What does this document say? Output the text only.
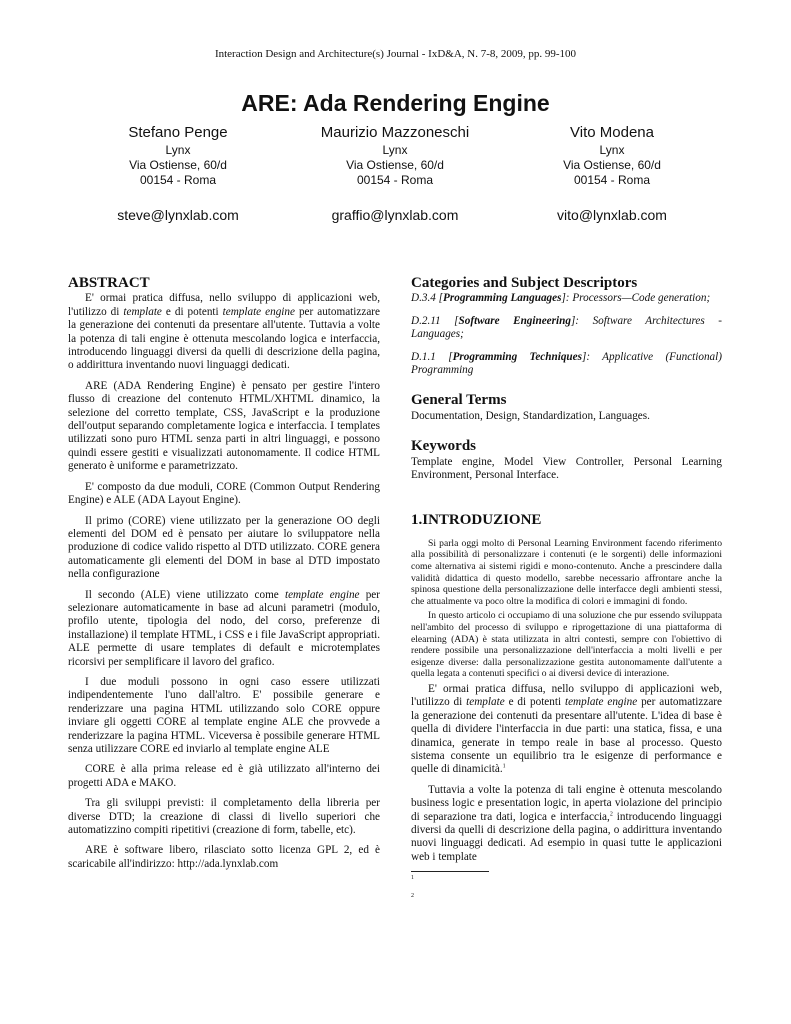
Interaction Design and Architecture(s) Journal - IxD&A, N. 7-8, 2009, pp. 99-100
ARE: Ada Rendering Engine
Stefano Penge
Lynx
Via Ostiense, 60/d
00154 - Roma
steve@lynxlab.com
Maurizio Mazzoneschi
Lynx
Via Ostiense, 60/d
00154 - Roma
graffio@lynxlab.com
Vito Modena
Lynx
Via Ostiense, 60/d
00154 - Roma
vito@lynxlab.com
ABSTRACT

E' ormai pratica diffusa, nello sviluppo di applicazioni web, l'utilizzo di template e di potenti template engine per automatizzare la generazione dei contenuti da presentare all'utente. Tuttavia a volte la potenza di tali engine è ottenuta mescolando logica e interfaccia, introducendo linguaggi diversi da quelli di descrizione della pagina, o addirittura inventando nuovi linguaggi dedicati.

ARE (ADA Rendering Engine) è pensato per gestire l'intero flusso di creazione del contenuto HTML/XHTML dinamico, la selezione del corretto template, CSS, JavaScript e la produzione dell'output separando completamente logica e interfaccia. I templates utilizzati sono puro HTML senza parti in altri linguaggi, e possono quindi essere gestiti e visualizzati autonomamente. Il codice HTML generato è uniforme e parametrizzato.

E' composto da due moduli, CORE (Common Output Rendering Engine) e ALE (ADA Layout Engine).

Il primo (CORE) viene utilizzato per la generazione OO degli elementi del DOM ed è pensato per aiutare lo sviluppatore nella produzione di codice valido rispetto al DTD utilizzato. CORE genera automaticamente gli elementi del DOM in base al DTD impostato nella configurazione

Il secondo (ALE) viene utilizzato come template engine per selezionare automaticamente in base ad alcuni parametri (modulo, profilo utente, tipologia del nodo, del corso, preferenze di installazione) il template HTML, i CSS e i file JavaScript appropriati. ALE permette di usare templates di default e microtemplates ricorsivi per semplificare il lavoro del grafico.

I due moduli possono in ogni caso essere utilizzati indipendentemente l'uno dall'altro. E' possibile generare e renderizzare una pagina HTML utilizzando solo CORE oppure inviare gli oggetti CORE al template engine ALE che provvede a renderizzare la pagina HTML. Viceversa è possibile generare HTML senza utilizzare CORE ed inviarlo al template engine ALE

CORE è alla prima release ed è già utilizzato all'interno dei progetti ADA e MAKO.

Tra gli sviluppi previsti: il completamento della libreria per diverse DTD; la creazione di classi di livello superiori che automatizzino compiti ripetitivi (creazione di form, tabelle, etc).

ARE è software libero, rilasciato sotto licenza GPL 2, ed è scaricabile all'indirizzo: http://ada.lynxlab.com

Categories and Subject Descriptors

D.3.4 [Programming Languages]: Processors—Code generation;

D.2.11 [Software Engineering]: Software Architectures - Languages;

D.1.1 [Programming Techniques]: Applicative (Functional) Programming

General Terms

Documentation, Design, Standardization, Languages.

Keywords

Template engine, Model View Controller, Personal Learning Environment, Personal Interface.

1.INTRODUZIONE

Si parla oggi molto di Personal Learning Environment facendo riferimento alla possibilità di personalizzare i contenuti (e le sorgenti) delle informazioni come alternativa ai sistemi rigidi e mono-contenuto. Anche a prescindere dalla validità didattica di questo modello, sarebbe necessario affrontare anche la spinosa questione della personalizzazione delle interfacce degli ambienti stessi, che attualmente va poco oltre la modifica di colori e immagini di fondo.

In questo articolo ci occupiamo di una soluzione che pur essendo sviluppata nell'ambito del processo di sviluppo e riprogettazione di una piattaforma di elearning (ADA) è stata utilizzata in altri contesti, sempre con l'obiettivo di rendere possibile una personalizzazione dell'interfaccia a molti livelli e per esigenze diverse: dalla personalizzazione gestita autonomamente dall'utente a quella legata a contenuti specifici o ai diversi device di interazione.

E' ormai pratica diffusa, nello sviluppo di applicazioni web, l'utilizzo di template e di potenti template engine per automatizzare la generazione dei contenuti da presentare all'utente. L'idea di base è quella di dividere l'interfaccia in due parti: una statica, fissa, e una dinamica, generate in tempo reale in base al processo. Questo sistema consente un equilibrio tra le esigenze di performance e quelle di dinamicità.$^1$

Tuttavia a volte la potenza di tali engine è ottenuta mescolando business logic e presentation logic, in aperta violazione del principio di separazione tra dati, logica e interfaccia,$^2$ introducendo linguaggi diversi da quelli di descrizione della pagina, o addirittura inventando nuovi linguaggi dedicati. Ad esempio in quasi tutte le applicazioni web i template

1

2
